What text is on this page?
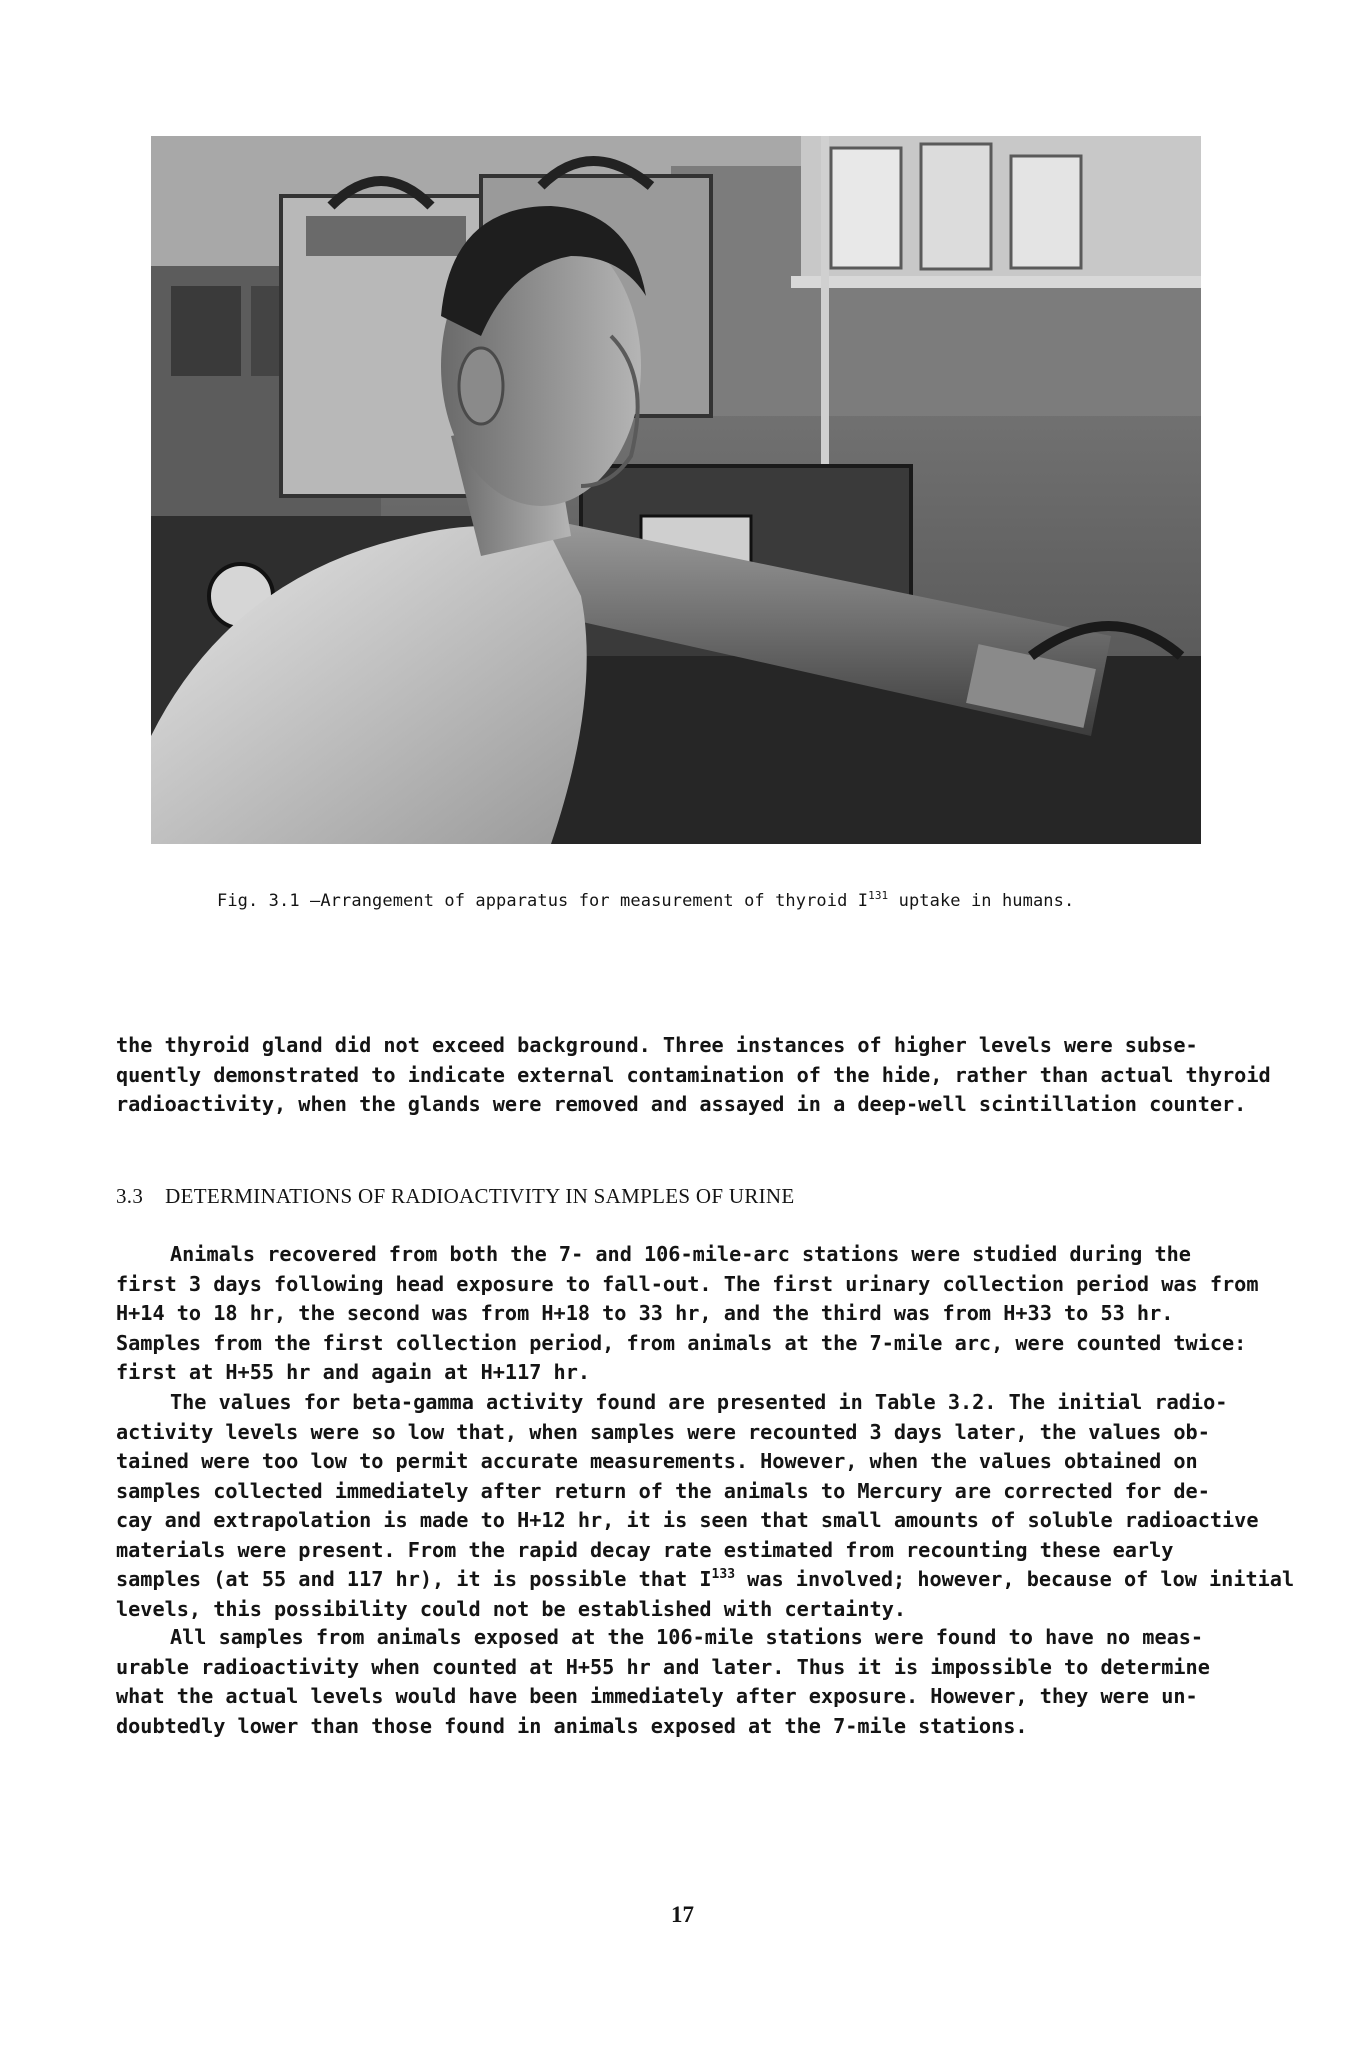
Fig. 3.1 —Arrangement of apparatus for measurement of thyroid $I^{131}$ uptake in humans.
the thyroid gland did not exceed background. Three instances of higher levels were subse-
quently demonstrated to indicate external contamination of the hide, rather than actual thyroid
radioactivity, when the glands were removed and assayed in a deep-well scintillation counter.
3.3 DETERMINATIONS OF RADIOACTIVITY IN SAMPLES OF URINE
Animals recovered from both the 7- and 106-mile-arc stations were studied during the
first 3 days following head exposure to fall-out. The first urinary collection period was from
H+14 to 18 hr, the second was from H+18 to 33 hr, and the third was from H+33 to 53 hr.
Samples from the first collection period, from animals at the 7-mile arc, were counted twice:
first at H+55 hr and again at H+117 hr.
The values for beta-gamma activity found are presented in Table 3.2. The initial radio-
activity levels were so low that, when samples were recounted 3 days later, the values ob-
tained were too low to permit accurate measurements. However, when the values obtained on
samples collected immediately after return of the animals to Mercury are corrected for de-
cay and extrapolation is made to H+12 hr, it is seen that small amounts of soluble radioactive
materials were present. From the rapid decay rate estimated from recounting these early
samples (at 55 and 117 hr), it is possible that $I^{133}$ was involved; however, because of low initial
levels, this possibility could not be established with certainty.
All samples from animals exposed at the 106-mile stations were found to have no meas-
urable radioactivity when counted at H+55 hr and later. Thus it is impossible to determine
what the actual levels would have been immediately after exposure. However, they were un-
doubtedly lower than those found in animals exposed at the 7-mile stations.
17
